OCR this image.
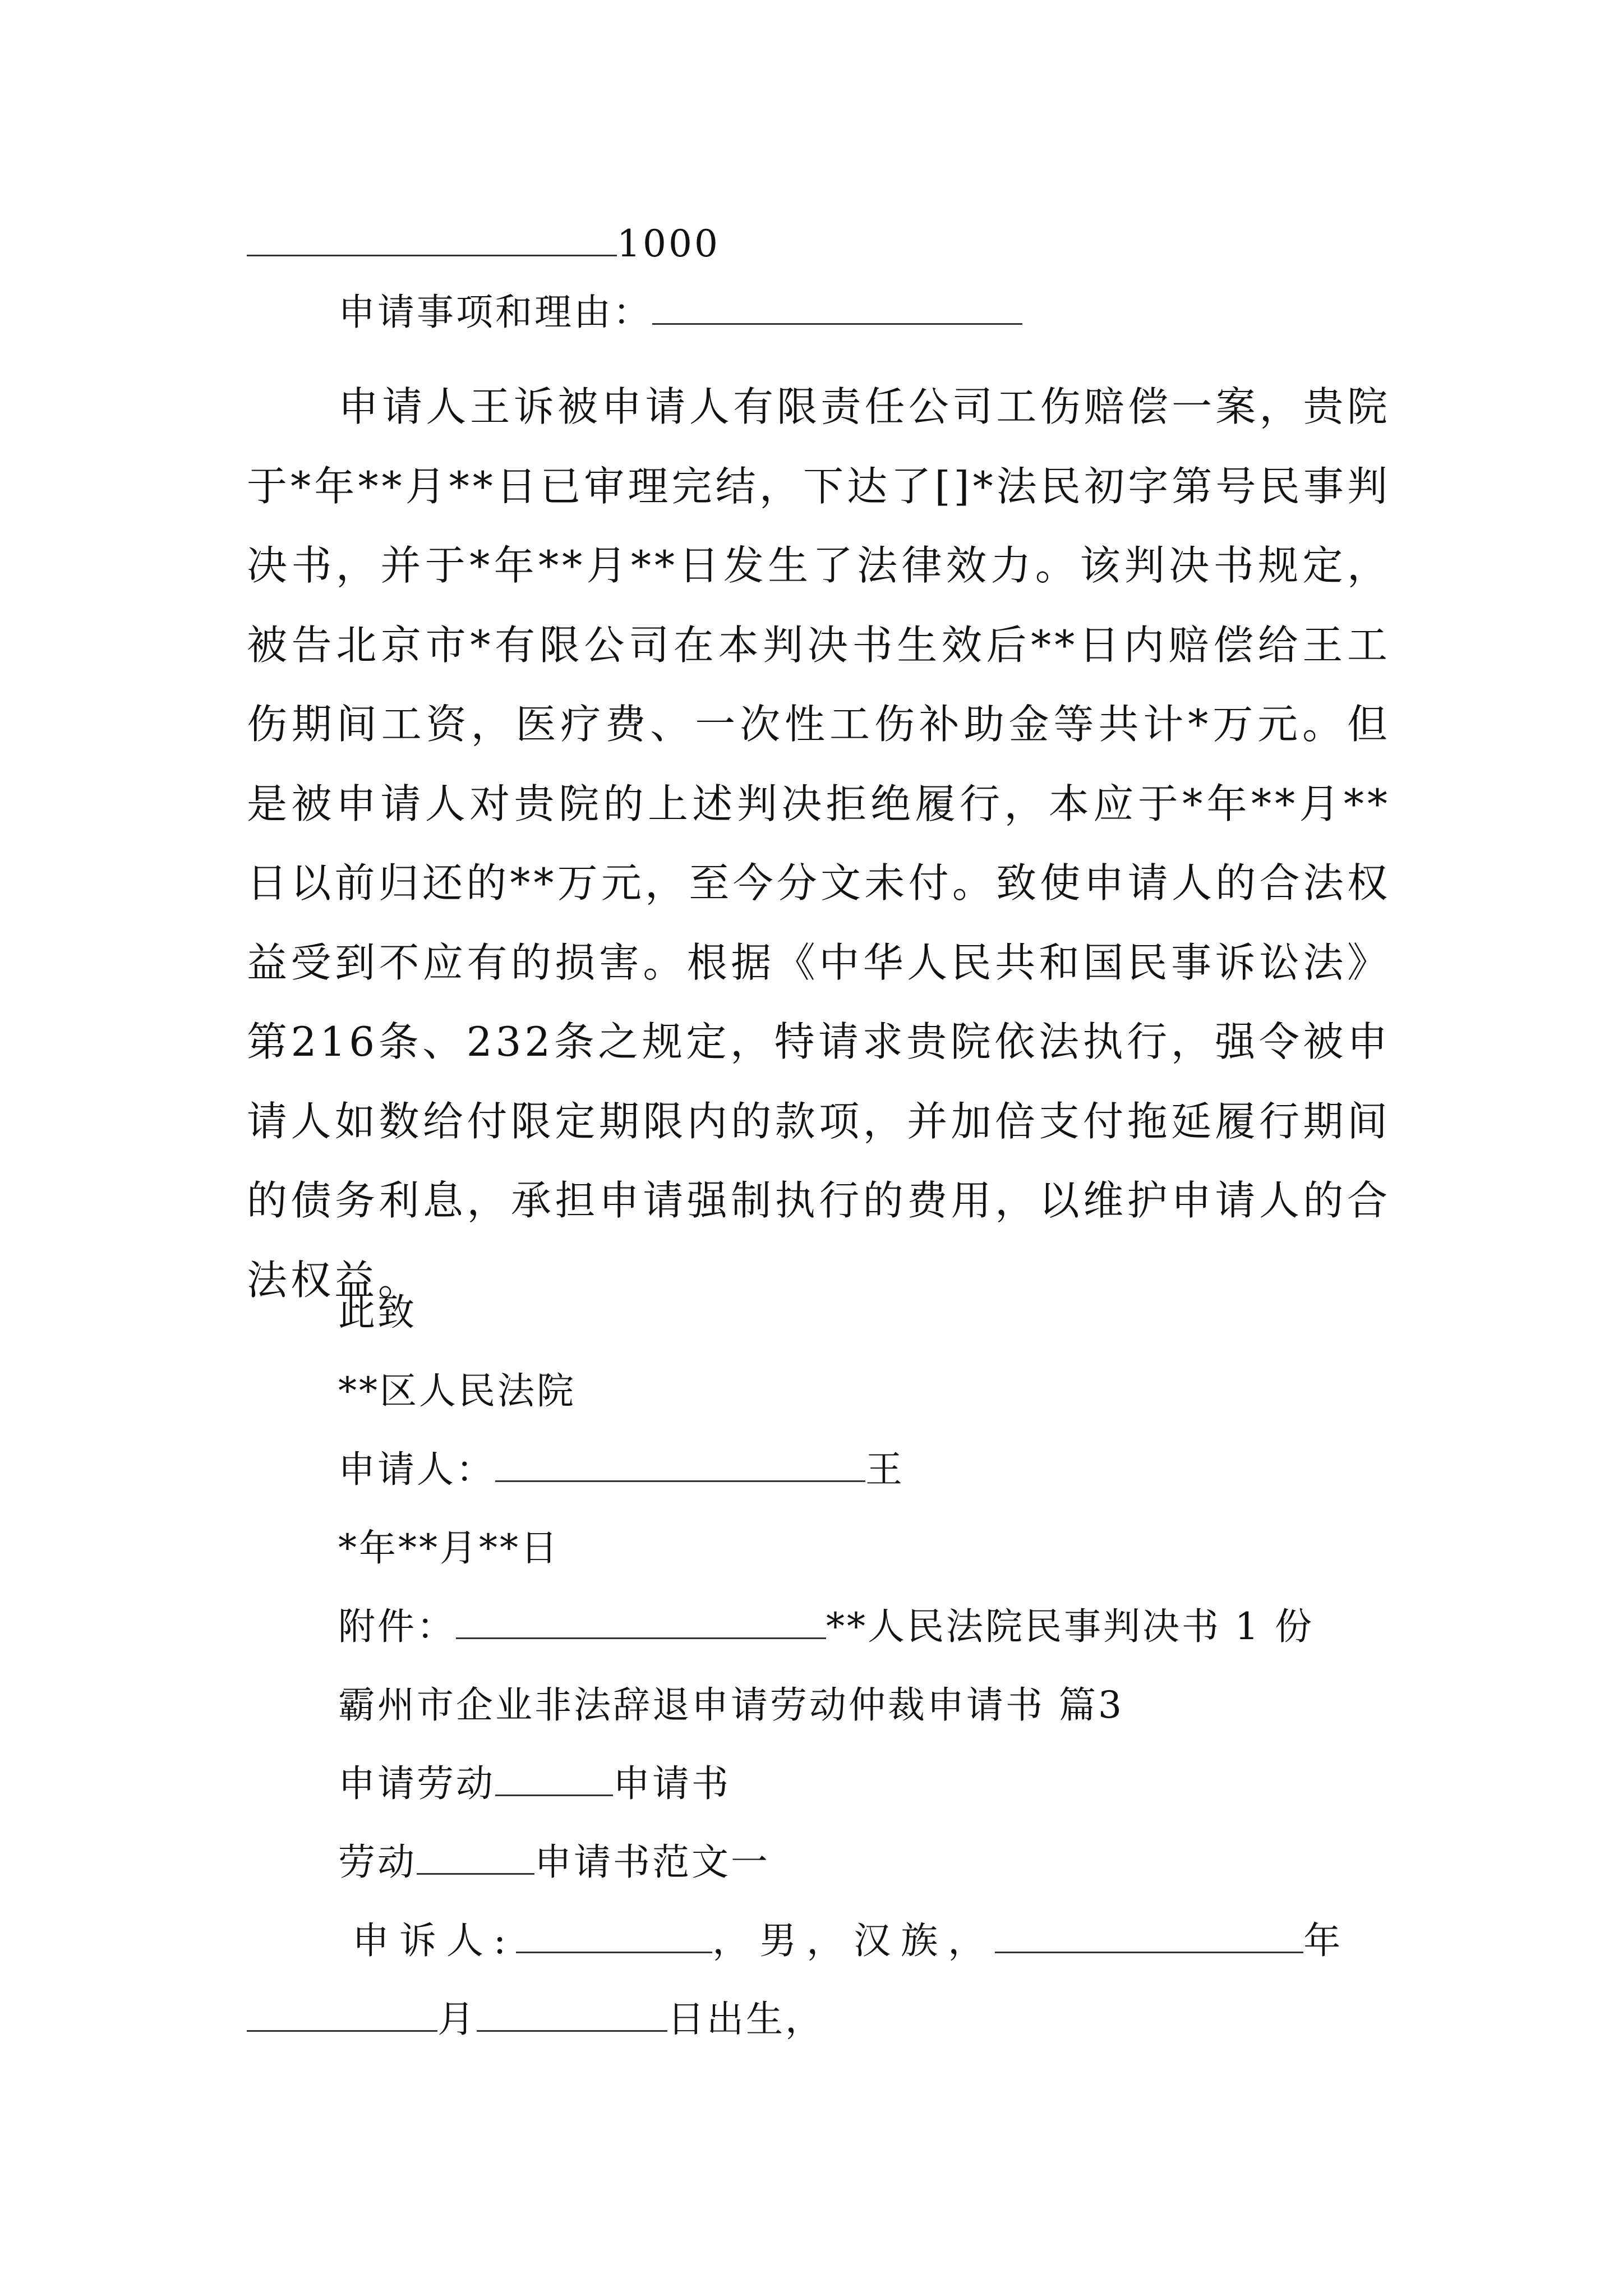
1000
申请事项和理由：
申请人王诉被申请人有限责任公司工伤赔偿一案，贵院于*年**月**日已审理完结，下达了[]*法民初字第号民事判决书，并于*年**月**日发生了法律效力。该判决书规定，被告北京市*有限公司在本判决书生效后**日内赔偿给王工伤期间工资，医疗费、一次性工伤补助金等共计*万元。但是被申请人对贵院的上述判决拒绝履行，本应于*年**月**日以前归还的**万元，至今分文未付。致使申请人的合法权益受到不应有的损害。根据《中华人民共和国民事诉讼法》第216条、232条之规定，特请求贵院依法执行，强令被申请人如数给付限定期限内的款项，并加倍支付拖延履行期间的债务利息，承担申请强制执行的费用，以维护申请人的合法权益。
此致
**区人民法院
申请人：	王
*年**月**日
附件：	**人民法院民事判决书 1 份
霸州市企业非法辞退申请劳动仲裁申请书 篇3
申请劳动	申请书
劳动	申请书范文一
申诉人:	，男，汉族，	年
月	日出生，
